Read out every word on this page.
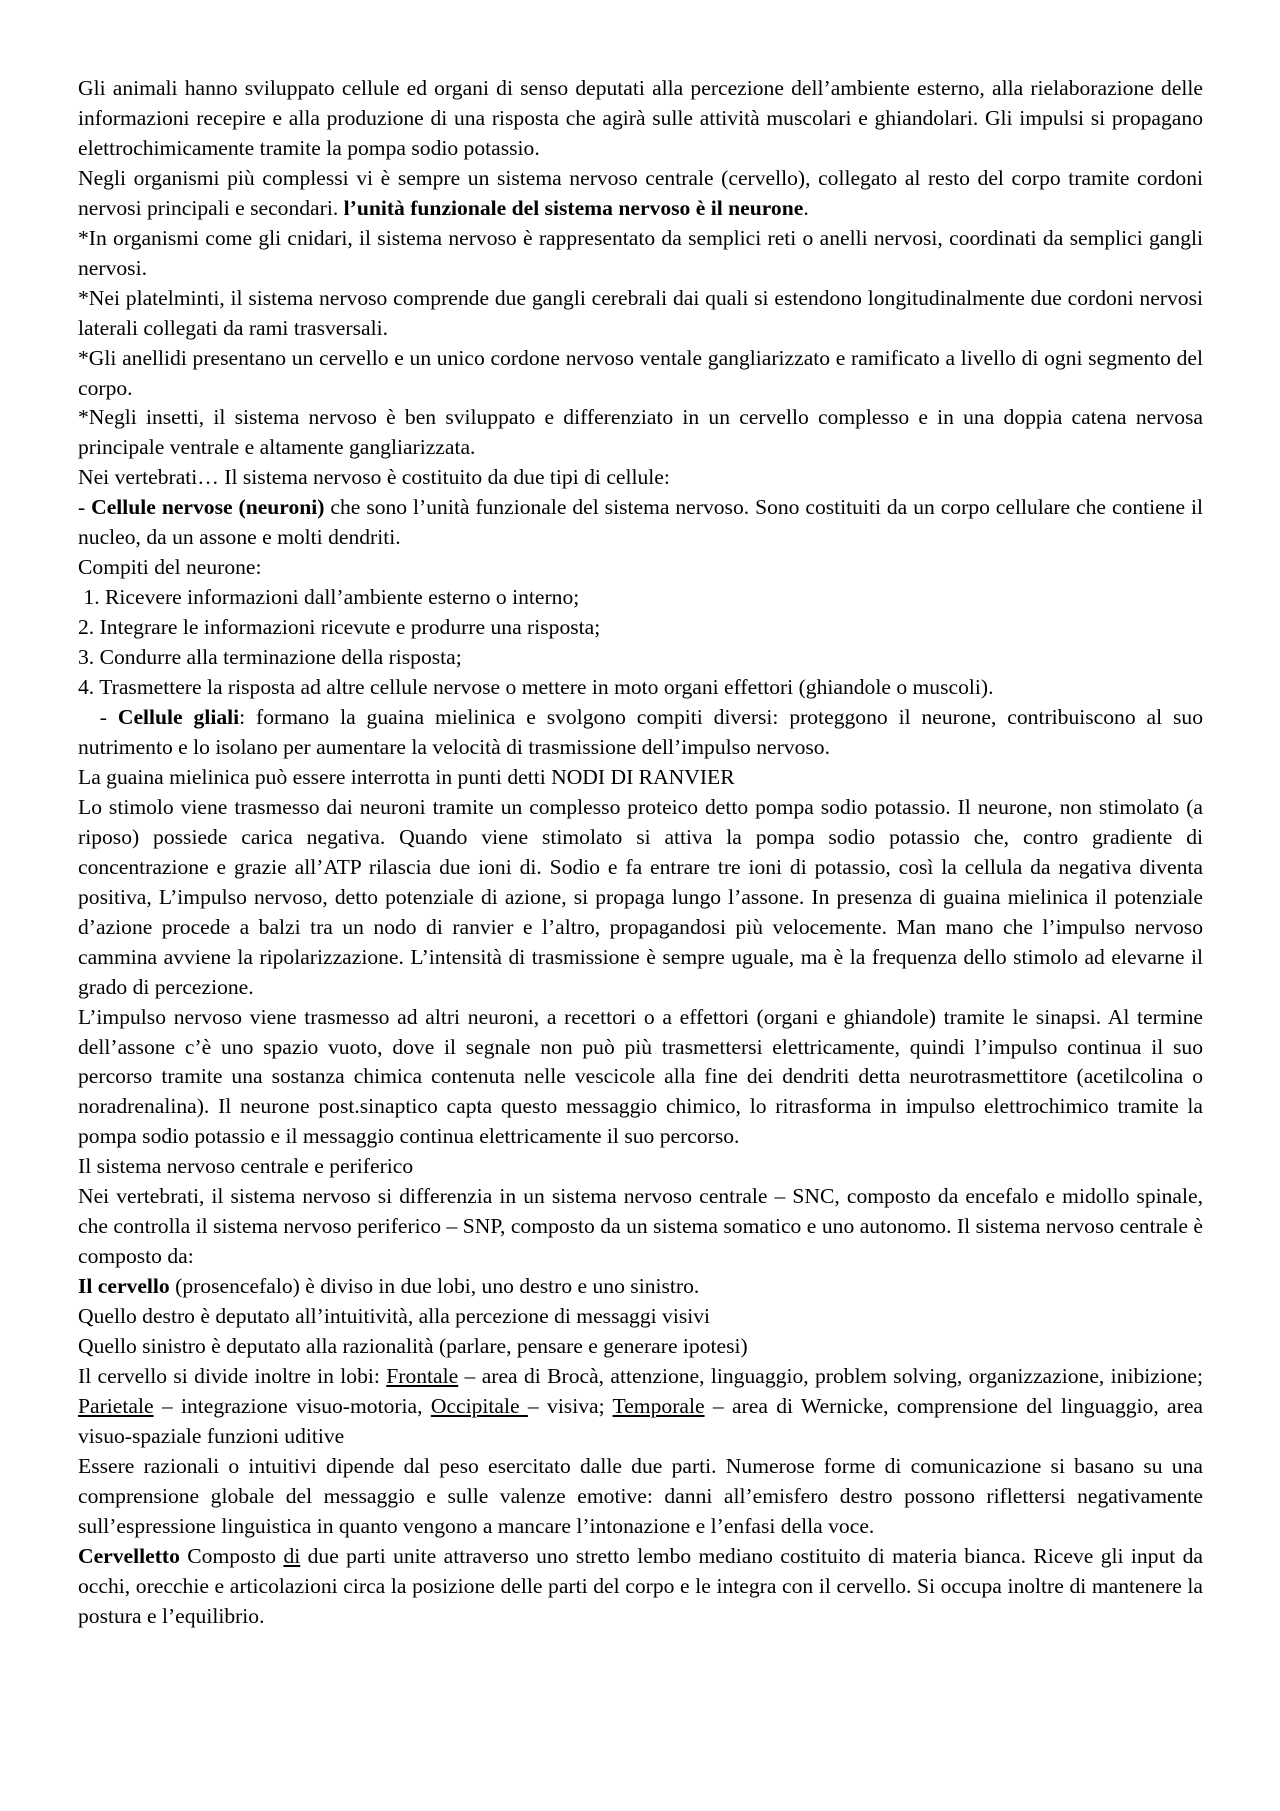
Gli animali hanno sviluppato cellule ed organi di senso deputati alla percezione dell’ambiente esterno, alla rielaborazione delle informazioni recepire e alla produzione di una risposta che agirà sulle attività muscolari e ghiandolari. Gli impulsi si propagano elettrochimicamente tramite la pompa sodio potassio.

Negli organismi più complessi vi è sempre un sistema nervoso centrale (cervello), collegato al resto del corpo tramite cordoni nervosi principali e secondari. l’unità funzionale del sistema nervoso è il neurone.

*In organismi come gli cnidari, il sistema nervoso è rappresentato da semplici reti o anelli nervosi, coordinati da semplici gangli nervosi.

*Nei platelminti, il sistema nervoso comprende due gangli cerebrali dai quali si estendono longitudinalmente due cordoni nervosi laterali collegati da rami trasversali.

*Gli anellidi presentano un cervello e un unico cordone nervoso ventale gangliarizzato e ramificato a livello di ogni segmento del corpo.

*Negli insetti, il sistema nervoso è ben sviluppato e differenziato in un cervello complesso e in una doppia catena nervosa principale ventrale e altamente gangliarizzata.

Nei vertebrati… Il sistema nervoso è costituito da due tipi di cellule:

- Cellule nervose (neuroni) che sono l’unità funzionale del sistema nervoso. Sono costituiti da un corpo cellulare che contiene il nucleo, da un assone e molti dendriti.

Compiti del neurone:

1. Ricevere informazioni dall’ambiente esterno o interno;

2. Integrare le informazioni ricevute e produrre una risposta;

3. Condurre alla terminazione della risposta;

4. Trasmettere la risposta ad altre cellule nervose o mettere in moto organi effettori (ghiandole o muscoli).

- Cellule gliali: formano la guaina mielinica e svolgono compiti diversi: proteggono il neurone, contribuiscono al suo nutrimento e lo isolano per aumentare la velocità di trasmissione dell’impulso nervoso.

La guaina mielinica può essere interrotta in punti detti NODI DI RANVIER

Lo stimolo viene trasmesso dai neuroni tramite un complesso proteico detto pompa sodio potassio. Il neurone, non stimolato (a riposo) possiede carica negativa. Quando viene stimolato si attiva la pompa sodio potassio che, contro gradiente di concentrazione e grazie all’ATP rilascia due ioni di. Sodio e fa entrare tre ioni di potassio, così la cellula da negativa diventa positiva, L’impulso nervoso, detto potenziale di azione, si propaga lungo l’assone. In presenza di guaina mielinica il potenziale d’azione procede a balzi tra un nodo di ranvier e l’altro, propagandosi più velocemente. Man mano che l’impulso nervoso cammina avviene la ripolarizzazione. L’intensità di trasmissione è sempre uguale, ma è la frequenza dello stimolo ad elevarne il grado di percezione.

L’impulso nervoso viene trasmesso ad altri neuroni, a recettori o a effettori (organi e ghiandole) tramite le sinapsi. Al termine dell’assone c’è uno spazio vuoto, dove il segnale non può più trasmettersi elettricamente, quindi l’impulso continua il suo percorso tramite una sostanza chimica contenuta nelle vescicole alla fine dei dendriti detta neurotrasmettitore (acetilcolina o noradrenalina). Il neurone post.sinaptico capta questo messaggio chimico, lo ritrasforma in impulso elettrochimico tramite la pompa sodio potassio e il messaggio continua elettricamente il suo percorso.

Il sistema nervoso centrale e periferico

Nei vertebrati, il sistema nervoso si differenzia in un sistema nervoso centrale – SNC, composto da encefalo e midollo spinale, che controlla il sistema nervoso periferico – SNP, composto da un sistema somatico e uno autonomo. Il sistema nervoso centrale è composto da:

Il cervello (prosencefalo) è diviso in due lobi, uno destro e uno sinistro.

Quello destro è deputato all’intuitività, alla percezione di messaggi visivi

Quello sinistro è deputato alla razionalità (parlare, pensare e generare ipotesi)

Il cervello si divide inoltre in lobi: Frontale – area di Brocà, attenzione, linguaggio, problem solving, organizzazione, inibizione; Parietale – integrazione visuo-motoria, Occipitale – visiva; Temporale – area di Wernicke, comprensione del linguaggio, area visuo-spaziale funzioni uditive

Essere razionali o intuitivi dipende dal peso esercitato dalle due parti. Numerose forme di comunicazione si basano su una comprensione globale del messaggio e sulle valenze emotive: danni all’emisfero destro possono riflettersi negativamente sull’espressione linguistica in quanto vengono a mancare l’intonazione e l’enfasi della voce.

Cervelletto Composto di due parti unite attraverso uno stretto lembo mediano costituito di materia bianca. Riceve gli input da occhi, orecchie e articolazioni circa la posizione delle parti del corpo e le integra con il cervello. Si occupa inoltre di mantenere la postura e l’equilibrio.
